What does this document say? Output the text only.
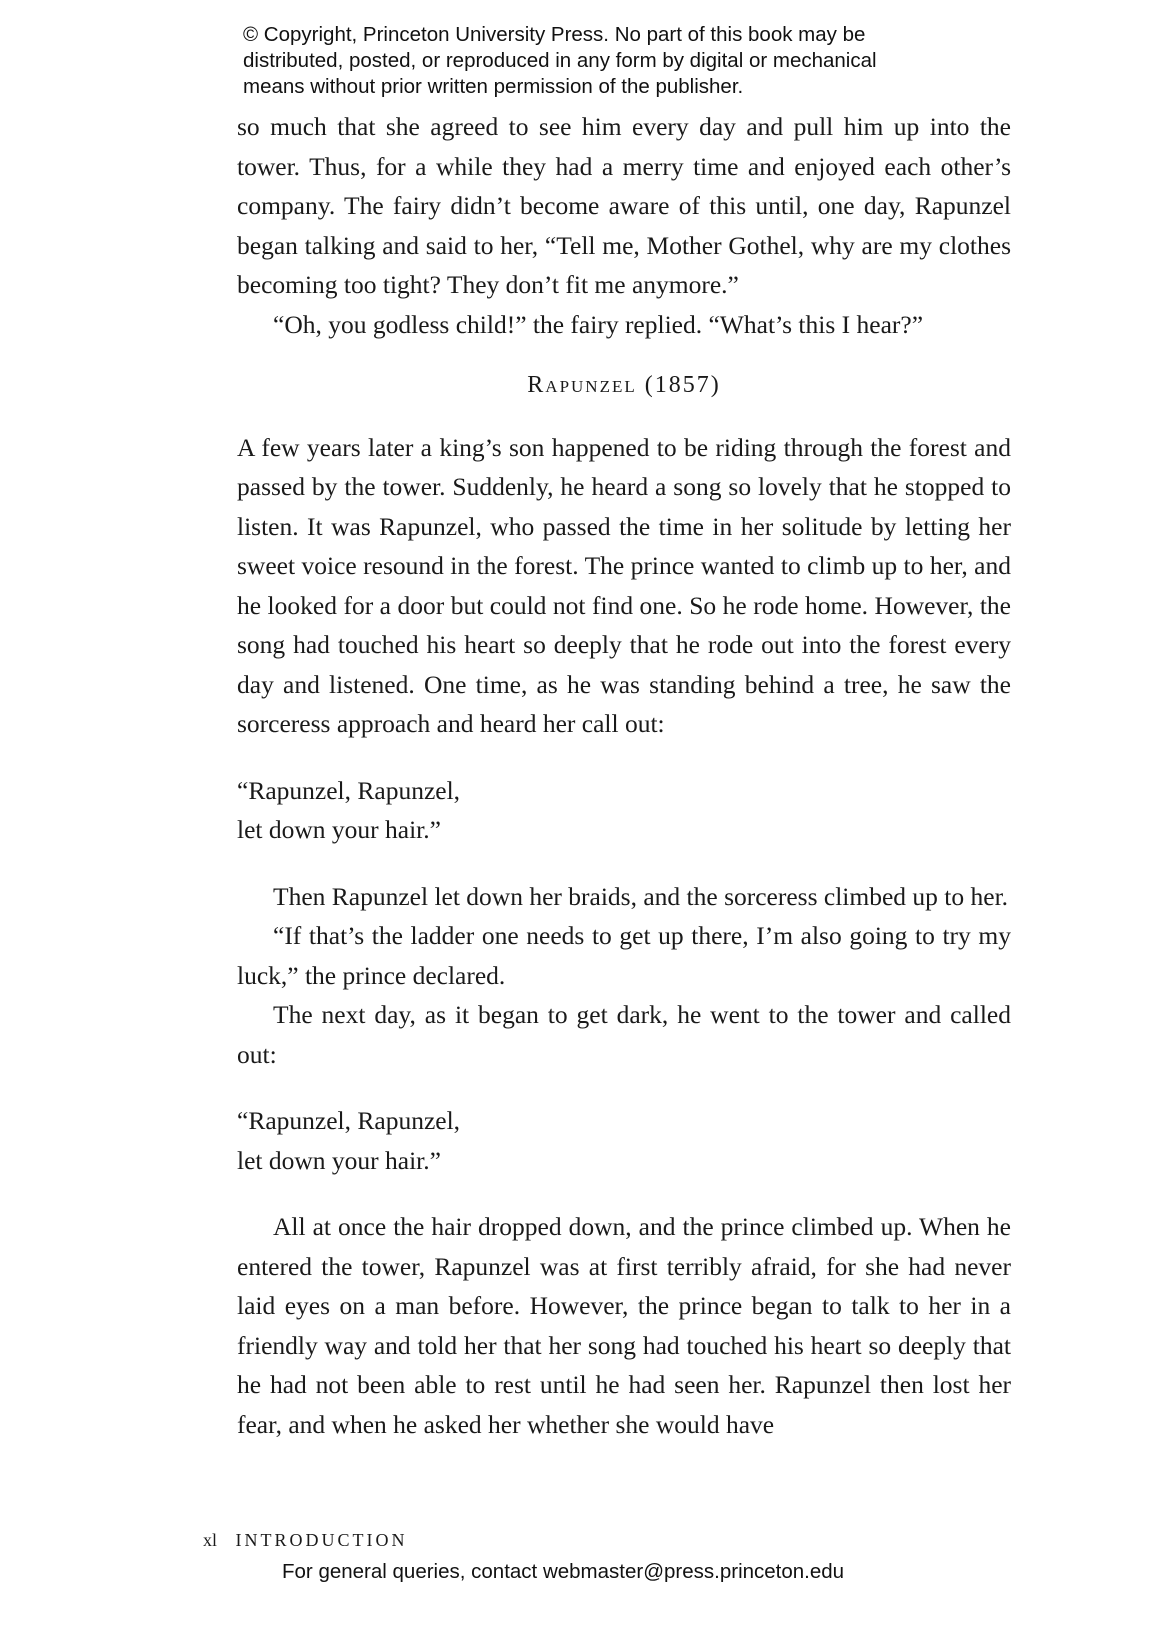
© Copyright, Princeton University Press. No part of this book may be
distributed, posted, or reproduced in any form by digital or mechanical
means without prior written permission of the publisher.

so much that she agreed to see him every day and pull him up into the tower. Thus, for a while they had a merry time and enjoyed each other’s company. The fairy didn’t become aware of this until, one day, Rapunzel began talking and said to her, “Tell me, Mother Gothel, why are my clothes becoming too tight? They don’t fit me anymore.”

“Oh, you godless child!” the fairy replied. “What’s this I hear?”

Rapunzel (1857)

A few years later a king’s son happened to be riding through the forest and passed by the tower. Suddenly, he heard a song so lovely that he stopped to listen. It was Rapunzel, who passed the time in her solitude by letting her sweet voice resound in the forest. The prince wanted to climb up to her, and he looked for a door but could not find one. So he rode home. However, the song had touched his heart so deeply that he rode out into the forest every day and listened. One time, as he was standing behind a tree, he saw the sorceress approach and heard her call out:

“Rapunzel, Rapunzel,
let down your hair.”

Then Rapunzel let down her braids, and the sorceress climbed up to her.

“If that’s the ladder one needs to get up there, I’m also going to try my luck,” the prince declared.

The next day, as it began to get dark, he went to the tower and called out:

“Rapunzel, Rapunzel,
let down your hair.”

All at once the hair dropped down, and the prince climbed up. When he entered the tower, Rapunzel was at first terribly afraid, for she had never laid eyes on a man before. However, the prince began to talk to her in a friendly way and told her that her song had touched his heart so deeply that he had not been able to rest until he had seen her. Rapunzel then lost her fear, and when he asked her whether she would have

xl INTRODUCTION
For general queries, contact webmaster@press.princeton.edu
